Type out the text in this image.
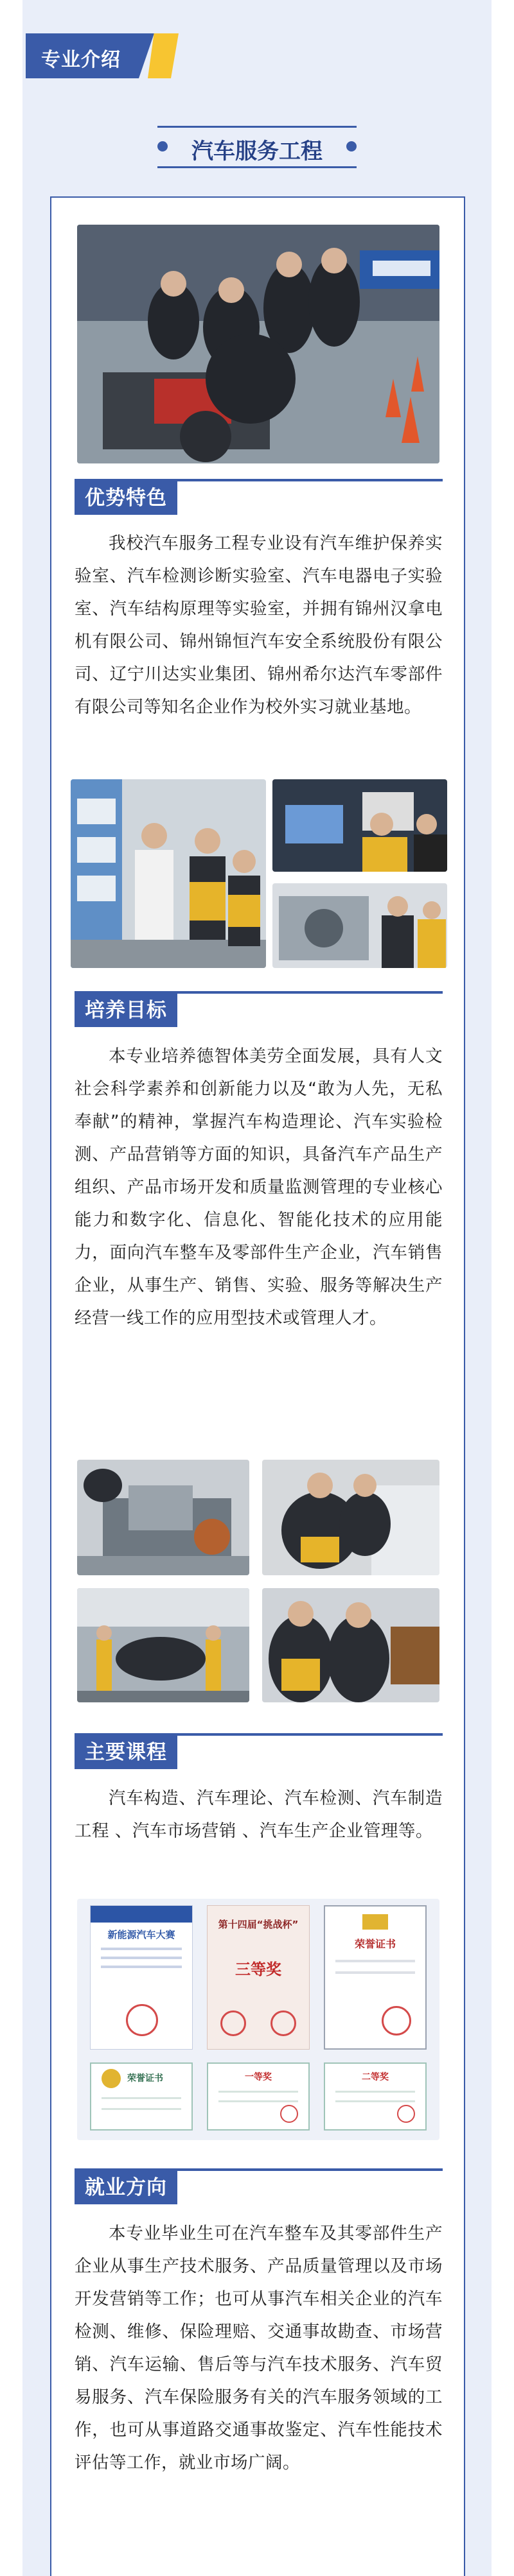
专业介绍
汽车服务工程
优势特色
我校汽车服务工程专业设有汽车维护保养实验室、汽车检测诊断实验室、汽车电器电子实验室、汽车结构原理等实验室，并拥有锦州汉拿电机有限公司、锦州锦恒汽车安全系统股份有限公司、辽宁川达实业集团、锦州希尔达汽车零部件有限公司等知名企业作为校外实习就业基地。
培养目标
本专业培养德智体美劳全面发展，具有人文社会科学素养和创新能力以及“敢为人先，无私奉献”的精神，掌握汽车构造理论、汽车实验检测、产品营销等方面的知识，具备汽车产品生产组织、产品市场开发和质量监测管理的专业核心能力和数字化、信息化、智能化技术的应用能力，面向汽车整车及零部件生产企业，汽车销售企业，从事生产、销售、实验、服务等解决生产经营一线工作的应用型技术或管理人才。
主要课程
汽车构造、汽车理论、汽车检测、汽车制造工程 、汽车市场营销 、汽车生产企业管理等。
新能源汽车大赛
第十四届“挑战杯”
三等奖
荣誉证书
荣誉证书	一等奖	二等奖
就业方向
本专业毕业生可在汽车整车及其零部件生产企业从事生产技术服务、产品质量管理以及市场开发营销等工作；也可从事汽车相关企业的汽车检测、维修、保险理赔、交通事故勘查、市场营销、汽车运输、售后等与汽车技术服务、汽车贸易服务、汽车保险服务有关的汽车服务领域的工作，也可从事道路交通事故鉴定、汽车性能技术评估等工作，就业市场广阔。
